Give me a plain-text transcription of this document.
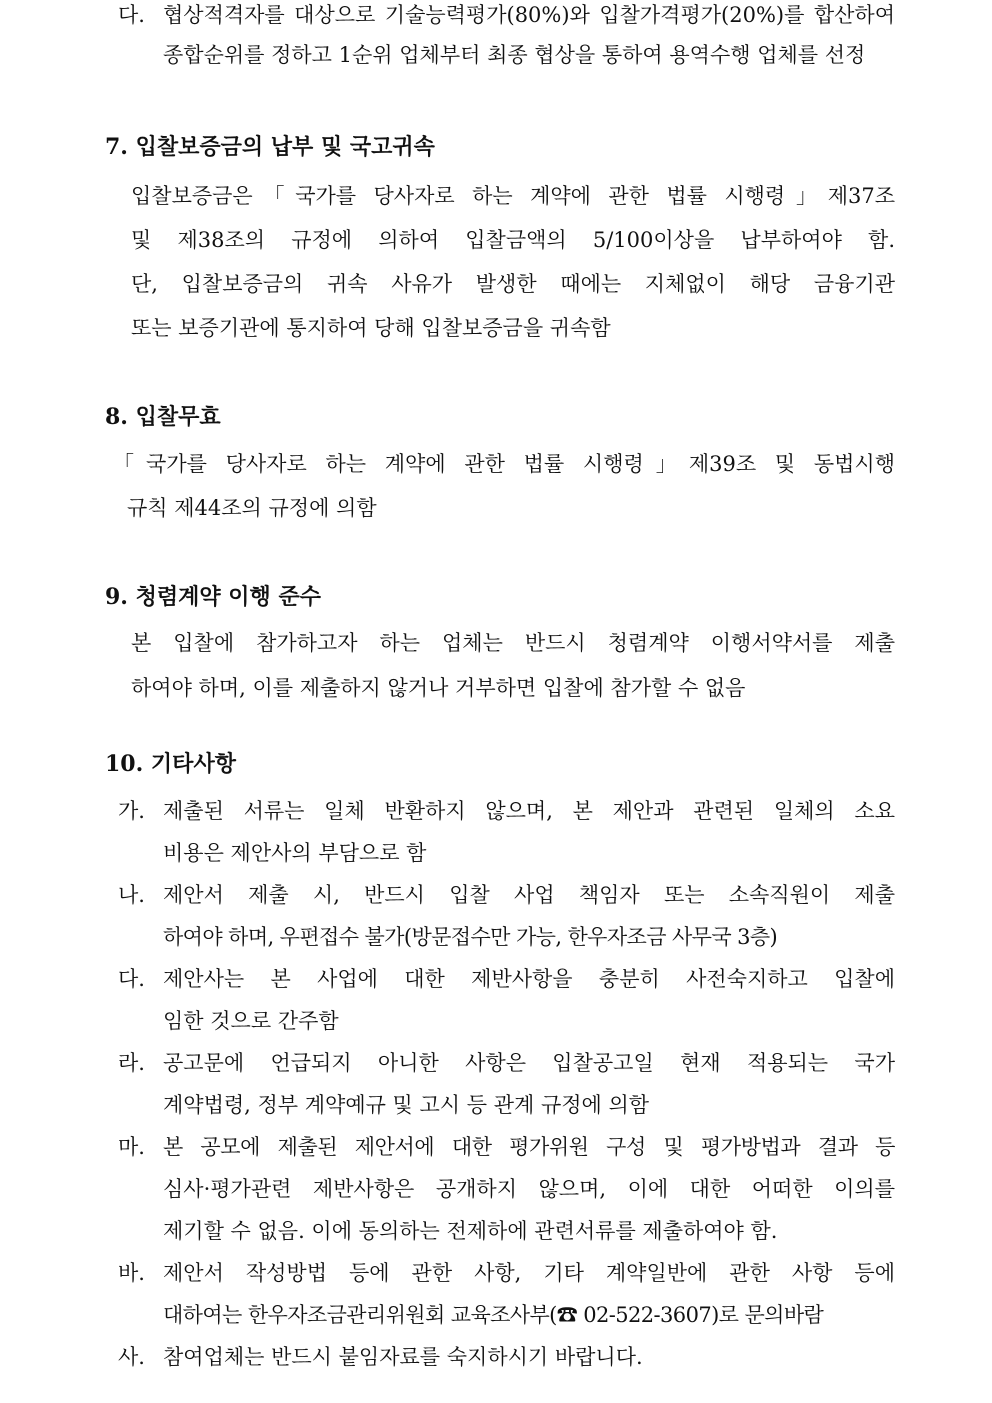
다. 협상적격자를 대상으로 기술능력평가(80%)와 입찰가격평가(20%)를 합산하여
종합순위를 정하고 1순위 업체부터 최종 협상을 통하여 용역수행 업체를 선정
7. 입찰보증금의 납부 및 국고귀속
입찰보증금은「국가를 당사자로 하는 계약에 관한 법률 시행령」제37조
및 제38조의 규정에 의하여 입찰금액의 5/100이상을 납부하여야 함.
단, 입찰보증금의 귀속 사유가 발생한 때에는 지체없이 해당 금융기관
또는 보증기관에 통지하여 당해 입찰보증금을 귀속함
8. 입찰무효
「국가를 당사자로 하는 계약에 관한 법률 시행령」제39조 및 동법시행
규칙 제44조의 규정에 의함
9. 청렴계약 이행 준수
본 입찰에 참가하고자 하는 업체는 반드시 청렴계약 이행서약서를 제출
하여야 하며, 이를 제출하지 않거나 거부하면 입찰에 참가할 수 없음
10. 기타사항
가. 제출된 서류는 일체 반환하지 않으며, 본 제안과 관련된 일체의 소요
비용은 제안사의 부담으로 함
나. 제안서 제출 시, 반드시 입찰 사업 책임자 또는 소속직원이 제출
하여야 하며, 우편접수 불가(방문접수만 가능, 한우자조금 사무국 3층)
다. 제안사는 본 사업에 대한 제반사항을 충분히 사전숙지하고 입찰에
임한 것으로 간주함
라. 공고문에 언급되지 아니한 사항은 입찰공고일 현재 적용되는 국가
계약법령, 정부 계약예규 및 고시 등 관계 규정에 의함
마. 본 공모에 제출된 제안서에 대한 평가위원 구성 및 평가방법과 결과 등
심사·평가관련 제반사항은 공개하지 않으며, 이에 대한 어떠한 이의를
제기할 수 없음. 이에 동의하는 전제하에 관련서류를 제출하여야 함.
바. 제안서 작성방법 등에 관한 사항, 기타 계약일반에 관한 사항 등에
대하여는 한우자조금관리위원회 교육조사부(☎ 02-522-3607)로 문의바람
사. 참여업체는 반드시 붙임자료를 숙지하시기 바랍니다.
